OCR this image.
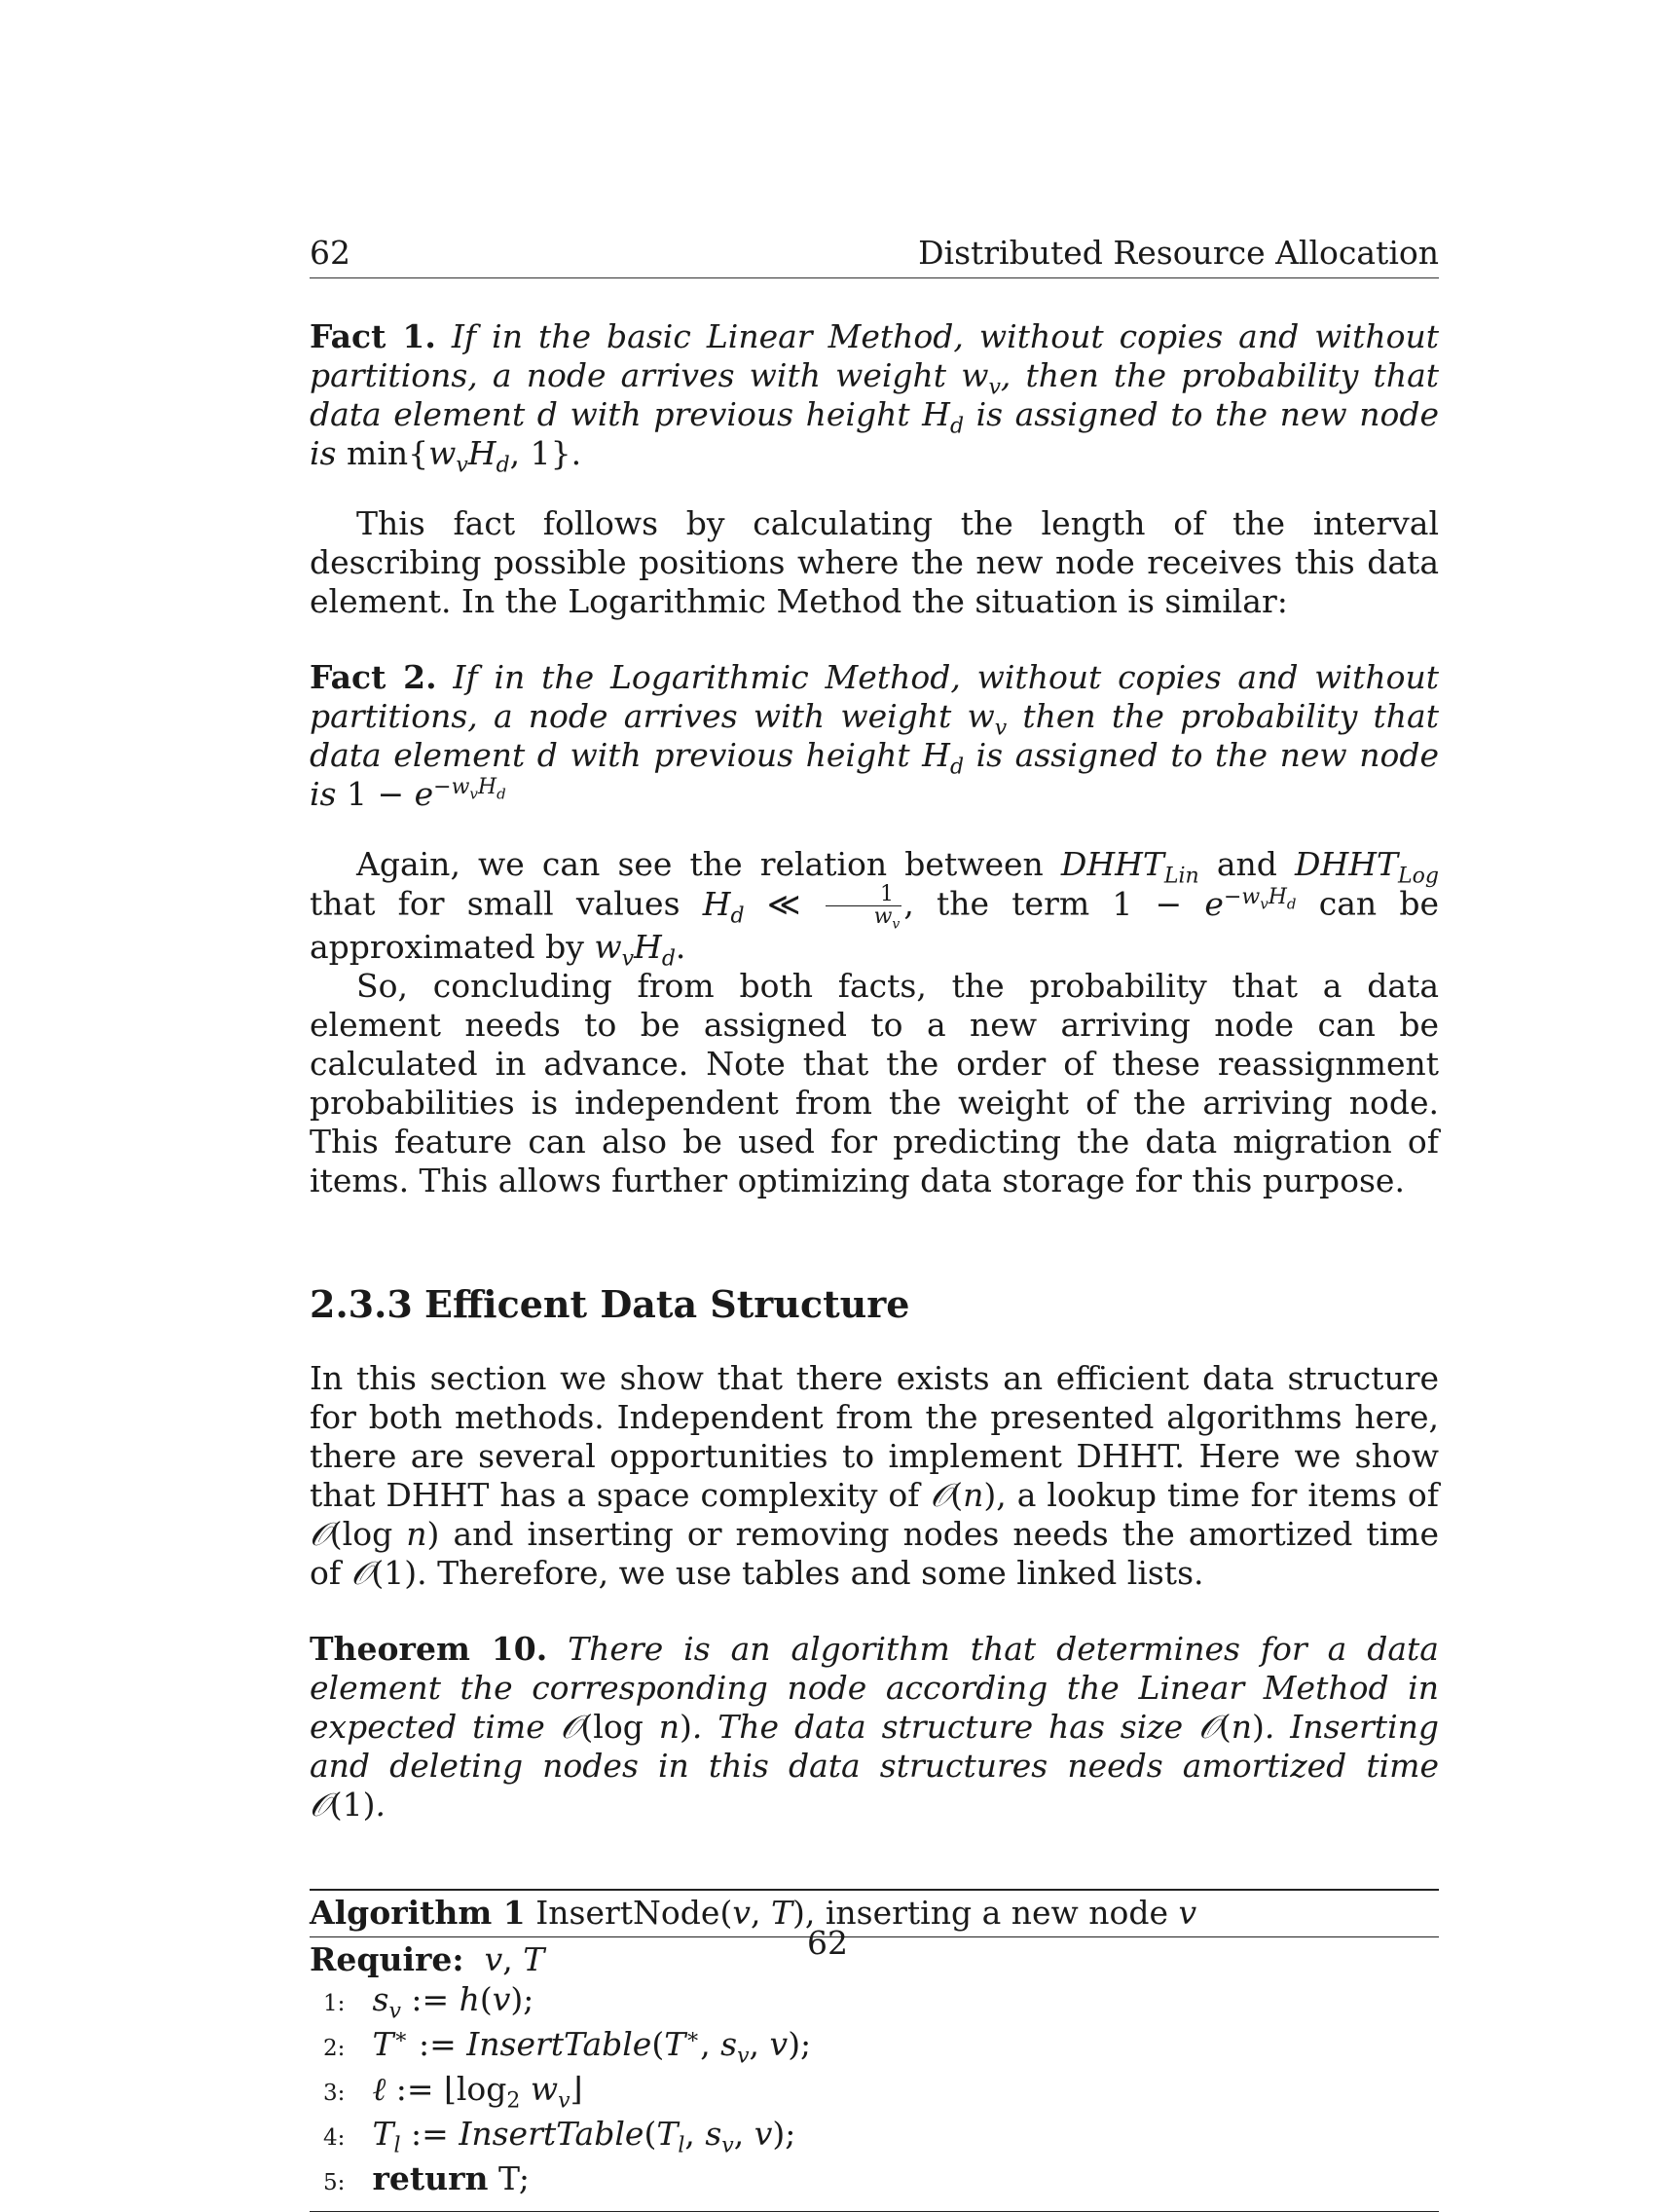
62	Distributed Resource Allocation
Fact 1. If in the basic Linear Method, without copies and without partitions, a node arrives with weight $w_v$, then the probability that data element d with previous height $H_d$ is assigned to the new node is $\min\{w_vH_d$, 1}.
This fact follows by calculating the length of the interval describing possible positions where the new node receives this data element. In the Logarithmic Method the situation is similar:
Fact 2. If in the Logarithmic Method, without copies and without partitions, a node arrives with weight $w_v$ then the probability that data element d with previous height $H_d$ is assigned to the new node is $1 - e^{-w_vH_d}$
Again, we can see the relation between $DHHT_{Lin}$ and $DHHT_{Log}$ that for small values $H_d$ ≪ $\frac{1}{w_v}$ , the term $1 - e^{-w_vH_d}$ can be approximated by $w_vH_d$.
So, concluding from both facts, the probability that a data element needs to be assigned to a new arriving node can be calculated in advance. Note that the order of these reassignment probabilities is independent from the weight of the arriving node. This feature can also be used for predicting the data migration of items. This allows further optimizing data storage for this purpose.
2.3.3 Efficent Data Structure
In this section we show that there exists an efficient data structure for both methods. Independent from the presented algorithms here, there are several opportunities to implement DHHT. Here we show that DHHT has a space complexity of 𝒪(n), a lookup time for items of 𝒪(log n) and inserting or removing nodes needs the amortized time of 𝒪(1). Therefore, we use tables and some linked lists.
Theorem 10. There is an algorithm that determines for a data element the corresponding node according the Linear Method in expected time 𝒪(log n). The data structure has size 𝒪(n). Inserting and deleting nodes in this data structures needs amortized time 𝒪(1).
Algorithm 1 InsertNode(v, T), inserting a new node v
Require:  v, T
1: $s_v$ := h(v);
2: T∗ := InsertTable(T∗, $s_v$, v);
3: ℓ := $⌊\log_2$ $w_v⌋$
4: $T_l$ := $InsertTable(T_l$, $s_v$, v);
5: return T;
62
